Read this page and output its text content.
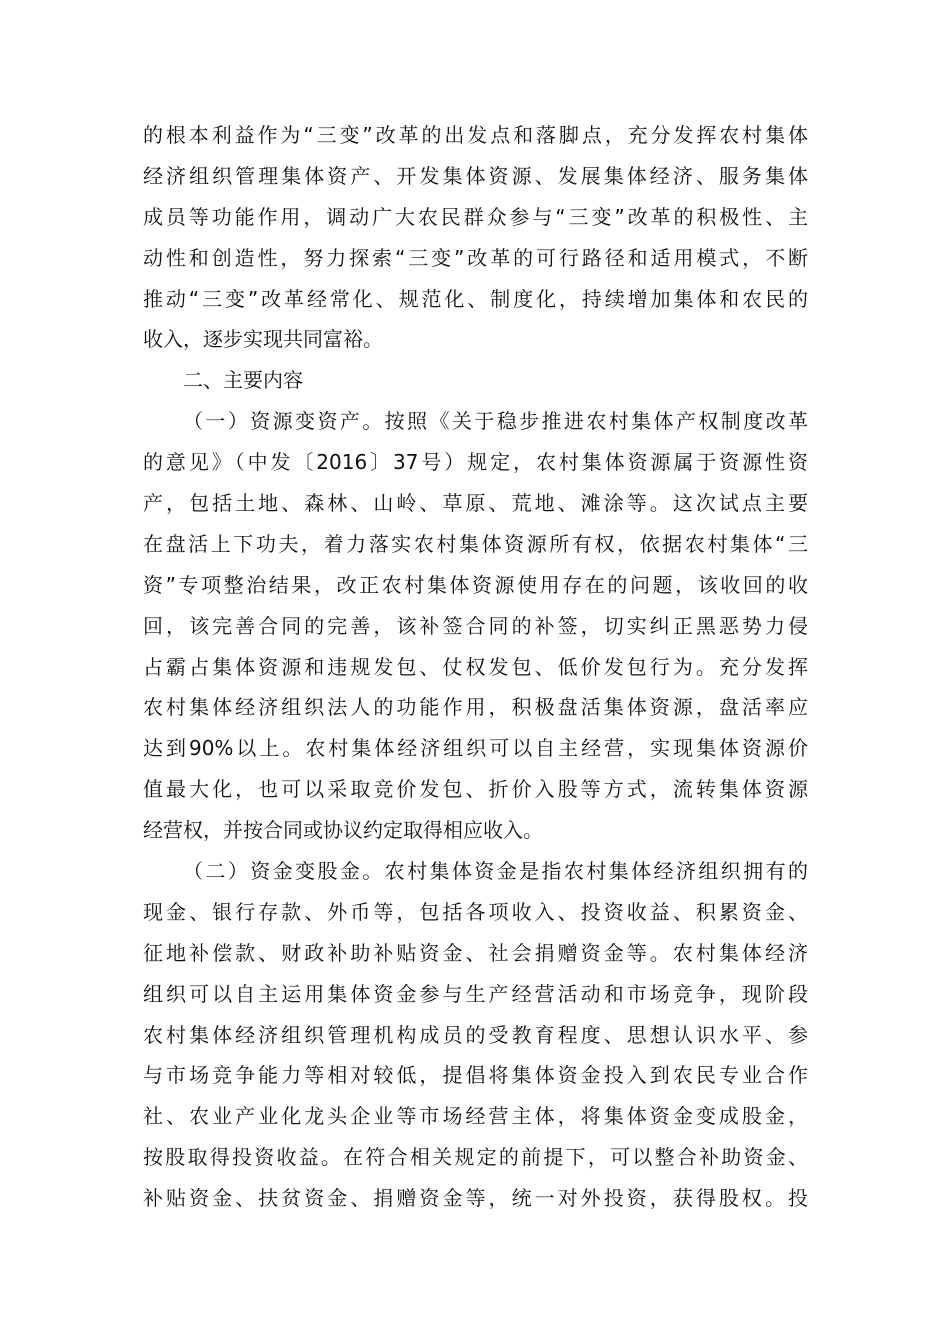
的根本利益作为“三变”改革的出发点和落脚点，充分发挥农村集体
经济组织管理集体资产、开发集体资源、发展集体经济、服务集体
成员等功能作用，调动广大农民群众参与“三变”改革的积极性、主
动性和创造性，努力探索“三变”改革的可行路径和适用模式，不断
推动“三变”改革经常化、规范化、制度化，持续增加集体和农民的
收入，逐步实现共同富裕。
二、主要内容
（一）资源变资产。按照《关于稳步推进农村集体产权制度改革
的意见》（中发〔2016〕37号）规定，农村集体资源属于资源性资
产，包括土地、森林、山岭、草原、荒地、滩涂等。这次试点主要
在盘活上下功夫，着力落实农村集体资源所有权，依据农村集体“三
资”专项整治结果，改正农村集体资源使用存在的问题，该收回的收
回，该完善合同的完善，该补签合同的补签，切实纠正黑恶势力侵
占霸占集体资源和违规发包、仗权发包、低价发包行为。充分发挥
农村集体经济组织法人的功能作用，积极盘活集体资源，盘活率应
达到90%以上。农村集体经济组织可以自主经营，实现集体资源价
值最大化，也可以采取竞价发包、折价入股等方式，流转集体资源
经营权，并按合同或协议约定取得相应收入。
（二）资金变股金。农村集体资金是指农村集体经济组织拥有的
现金、银行存款、外币等，包括各项收入、投资收益、积累资金、
征地补偿款、财政补助补贴资金、社会捐赠资金等。农村集体经济
组织可以自主运用集体资金参与生产经营活动和市场竞争，现阶段
农村集体经济组织管理机构成员的受教育程度、思想认识水平、参
与市场竞争能力等相对较低，提倡将集体资金投入到农民专业合作
社、农业产业化龙头企业等市场经营主体，将集体资金变成股金，
按股取得投资收益。在符合相关规定的前提下，可以整合补助资金、
补贴资金、扶贫资金、捐赠资金等，统一对外投资，获得股权。投
